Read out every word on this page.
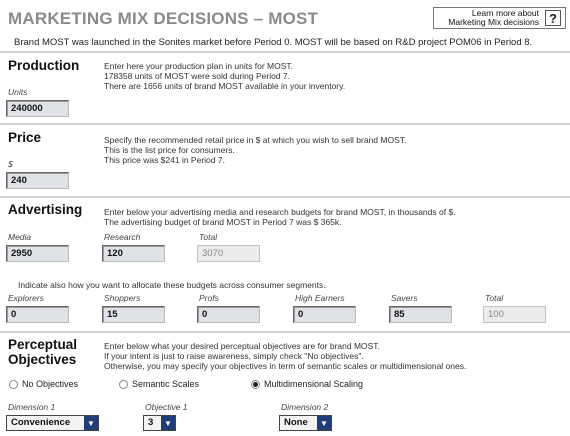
MARKETING MIX DECISIONS – MOST	Learn more about
Marketing Mix decisions ?
Brand MOST was launched in the Sonites market before Period 0. MOST will be based on R&D project POM06 in Period 8.
Production
Units
240000
Enter here your production plan in units for MOST.
178358 units of MOST were sold during Period 7.
There are 1656 units of brand MOST available in your inventory.
Price
$
240
Specify the recommended retail price in $ at which you wish to sell brand MOST.
This is the list price for consumers.
This price was $241 in Period 7.
Advertising	Enter below your advertising media and research budgets for brand MOST, in thousands of $.
The advertising budget of brand MOST in Period 7 was $ 365k.
Media
2950
Research
120
Total
3070
Indicate also how you want to allocate these budgets across consumer segments.
Explorers
0
Shoppers
15
Profs
0
High Earners
0
Savers
85
Total
100
Perceptual
Objectives
Enter below what your desired perceptual objectives are for brand MOST.
If your intent is just to raise awareness, simply check "No objectives".
Otherwise, you may specify your objectives in term of semantic scales or multidimensional ones.
No Objectives	Semantic Scales	Multidimensional Scaling
Dimension 1
Convenience	▼
Objective 1
3	▼
Dimension 2
None	▼
